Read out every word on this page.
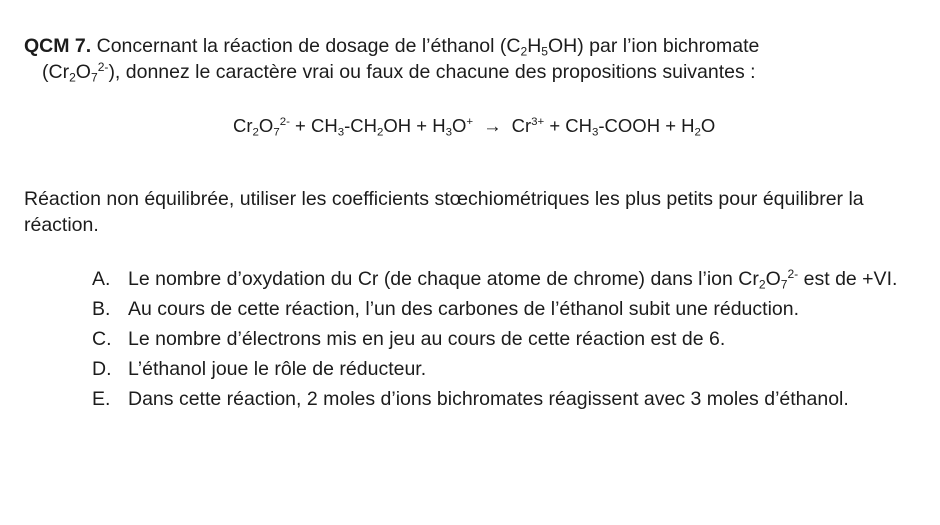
QCM 7. Concernant la réaction de dosage de l’éthanol $(C_2H_5OH)$ par l’ion bichromate
$(Cr_2O_7^{2-})$, donnez le caractère vrai ou faux de chacune des propositions suivantes :
$Cr_2O_7^{2-} + CH_3-CH_2OH + H_3O^+ \to Cr^{3+}$ + $CH_3$-COOH + $H_2O$
Réaction non équilibrée, utiliser les coefficients stœchiométriques les plus petits pour équilibrer la réaction.
A. Le nombre d’oxydation du Cr (de chaque atome de chrome) dans l’ion $Cr_2O_7^{2-}$ est de +VI.
B. Au cours de cette réaction, l’un des carbones de l’éthanol subit une réduction.
C. Le nombre d’électrons mis en jeu au cours de cette réaction est de 6.
D. L’éthanol joue le rôle de réducteur.
E. Dans cette réaction, 2 moles d’ions bichromates réagissent avec 3 moles d’éthanol.
